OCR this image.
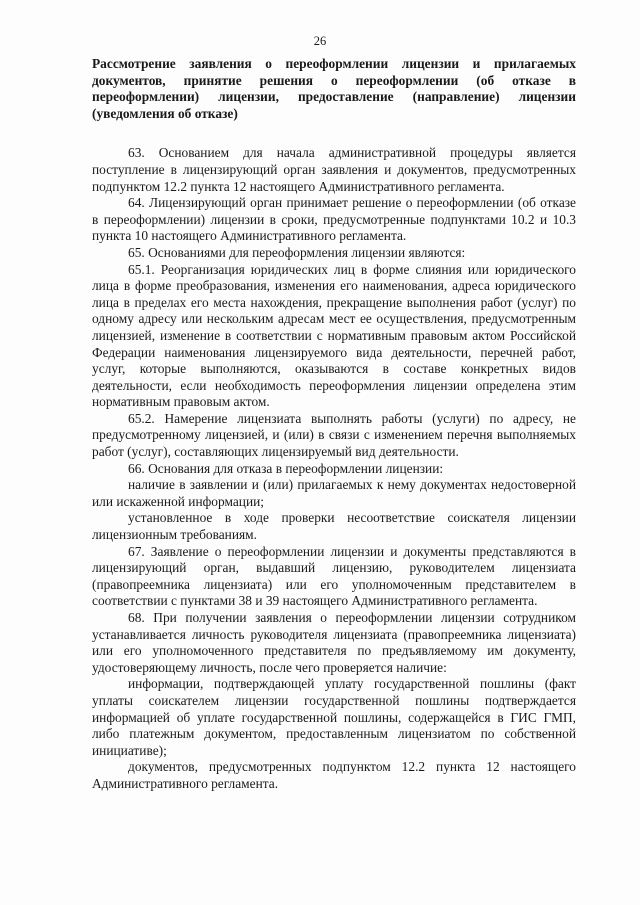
26
Рассмотрение заявления о переоформлении лицензии и прилагаемых документов, принятие решения о переоформлении (об отказе в переоформлении) лицензии, предоставление (направление) лицензии (уведомления об отказе)

63. Основанием для начала административной процедуры является поступление в лицензирующий орган заявления и документов, предусмотренных подпунктом 12.2 пункта 12 настоящего Административного регламента.

64. Лицензирующий орган принимает решение о переоформлении (об отказе в переоформлении) лицензии в сроки, предусмотренные подпунктами 10.2 и 10.3 пункта 10 настоящего Административного регламента.

65. Основаниями для переоформления лицензии являются:

65.1. Реорганизация юридических лиц в форме слияния или юридического лица в форме преобразования, изменения его наименования, адреса юридического лица в пределах его места нахождения, прекращение выполнения работ (услуг) по одному адресу или нескольким адресам мест ее осуществления, предусмотренным лицензией, изменение в соответствии с нормативным правовым актом Российской Федерации наименования лицензируемого вида деятельности, перечней работ, услуг, которые выполняются, оказываются в составе конкретных видов деятельности, если необходимость переоформления лицензии определена этим нормативным правовым актом.

65.2. Намерение лицензиата выполнять работы (услуги) по адресу, не предусмотренному лицензией, и (или) в связи с изменением перечня выполняемых работ (услуг), составляющих лицензируемый вид деятельности.

66. Основания для отказа в переоформлении лицензии:

наличие в заявлении и (или) прилагаемых к нему документах недостоверной или искаженной информации;

установленное в ходе проверки несоответствие соискателя лицензии лицензионным требованиям.

67. Заявление о переоформлении лицензии и документы представляются в лицензирующий орган, выдавший лицензию, руководителем лицензиата (правопреемника лицензиата) или его уполномоченным представителем в соответствии с пунктами 38 и 39 настоящего Административного регламента.

68. При получении заявления о переоформлении лицензии сотрудником устанавливается личность руководителя лицензиата (правопреемника лицензиата) или его уполномоченного представителя по предъявляемому им документу, удостоверяющему личность, после чего проверяется наличие:

информации, подтверждающей уплату государственной пошлины (факт уплаты соискателем лицензии государственной пошлины подтверждается информацией об уплате государственной пошлины, содержащейся в ГИС ГМП, либо платежным документом, предоставленным лицензиатом по собственной инициативе);

документов, предусмотренных подпунктом 12.2 пункта 12 настоящего Административного регламента.
